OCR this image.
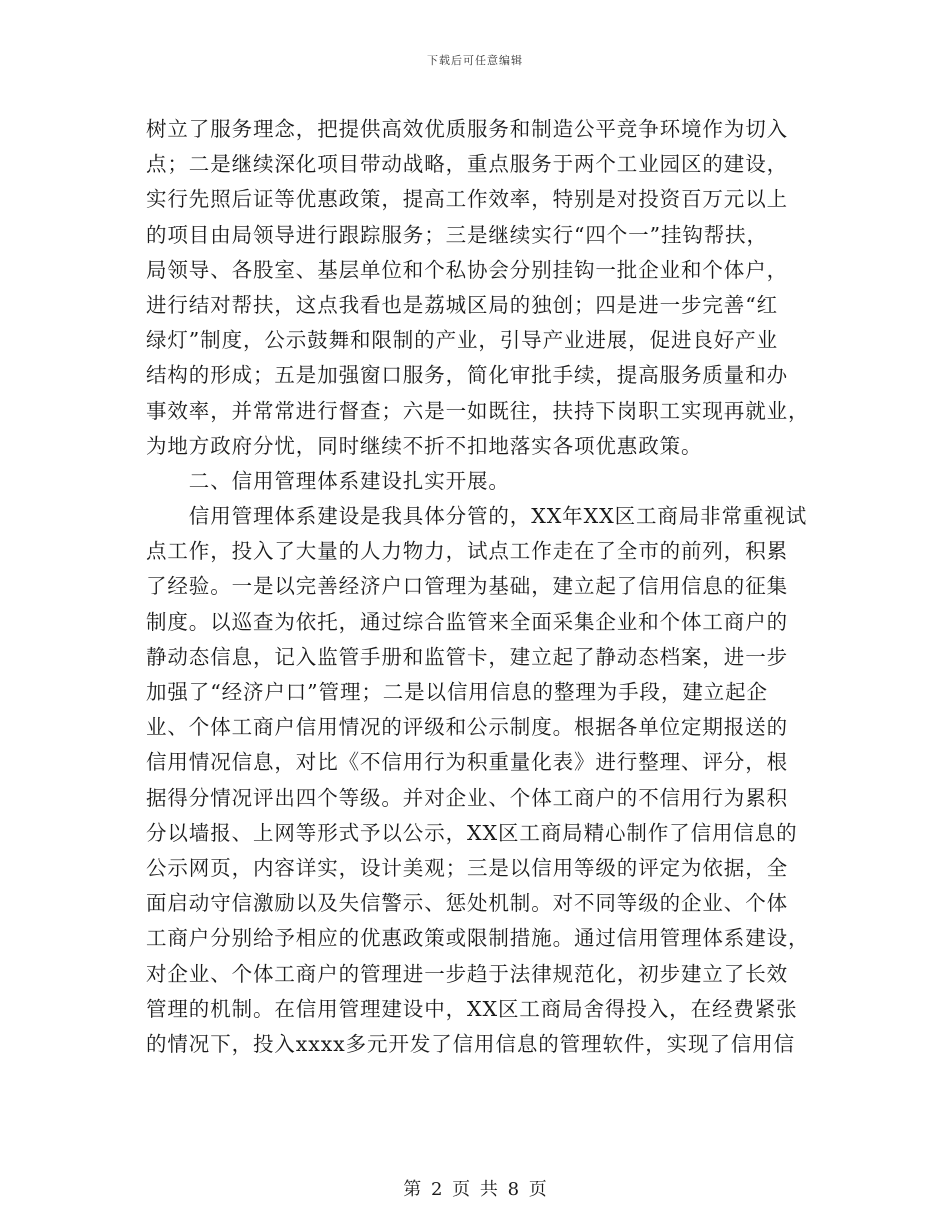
下载后可任意编辑
树立了服务理念，把提供高效优质服务和制造公平竞争环境作为切入
点；二是继续深化项目带动战略，重点服务于两个工业园区的建设，
实行先照后证等优惠政策，提高工作效率，特别是对投资百万元以上
的项目由局领导进行跟踪服务；三是继续实行“四个一”挂钩帮扶，
局领导、各股室、基层单位和个私协会分别挂钩一批企业和个体户，
进行结对帮扶，这点我看也是荔城区局的独创；四是进一步完善“红
绿灯”制度，公示鼓舞和限制的产业，引导产业进展，促进良好产业
结构的形成；五是加强窗口服务，简化审批手续，提高服务质量和办
事效率，并常常进行督查；六是一如既往，扶持下岗职工实现再就业，
为地方政府分忧，同时继续不折不扣地落实各项优惠政策。
　　二、信用管理体系建设扎实开展。
　　信用管理体系建设是我具体分管的，XX年XX区工商局非常重视试
点工作，投入了大量的人力物力，试点工作走在了全市的前列，积累
了经验。一是以完善经济户口管理为基础，建立起了信用信息的征集
制度。以巡查为依托，通过综合监管来全面采集企业和个体工商户的
静动态信息，记入监管手册和监管卡，建立起了静动态档案，进一步
加强了“经济户口”管理；二是以信用信息的整理为手段，建立起企
业、个体工商户信用情况的评级和公示制度。根据各单位定期报送的
信用情况信息，对比《不信用行为积重量化表》进行整理、评分，根
据得分情况评出四个等级。并对企业、个体工商户的不信用行为累积
分以墙报、上网等形式予以公示，XX区工商局精心制作了信用信息的
公示网页，内容详实，设计美观；三是以信用等级的评定为依据，全
面启动守信激励以及失信警示、惩处机制。对不同等级的企业、个体
工商户分别给予相应的优惠政策或限制措施。通过信用管理体系建设，
对企业、个体工商户的管理进一步趋于法律规范化，初步建立了长效
管理的机制。在信用管理建设中，XX区工商局舍得投入，在经费紧张
的情况下，投入xxxx多元开发了信用信息的管理软件，实现了信用信
第 2 页 共 8 页
